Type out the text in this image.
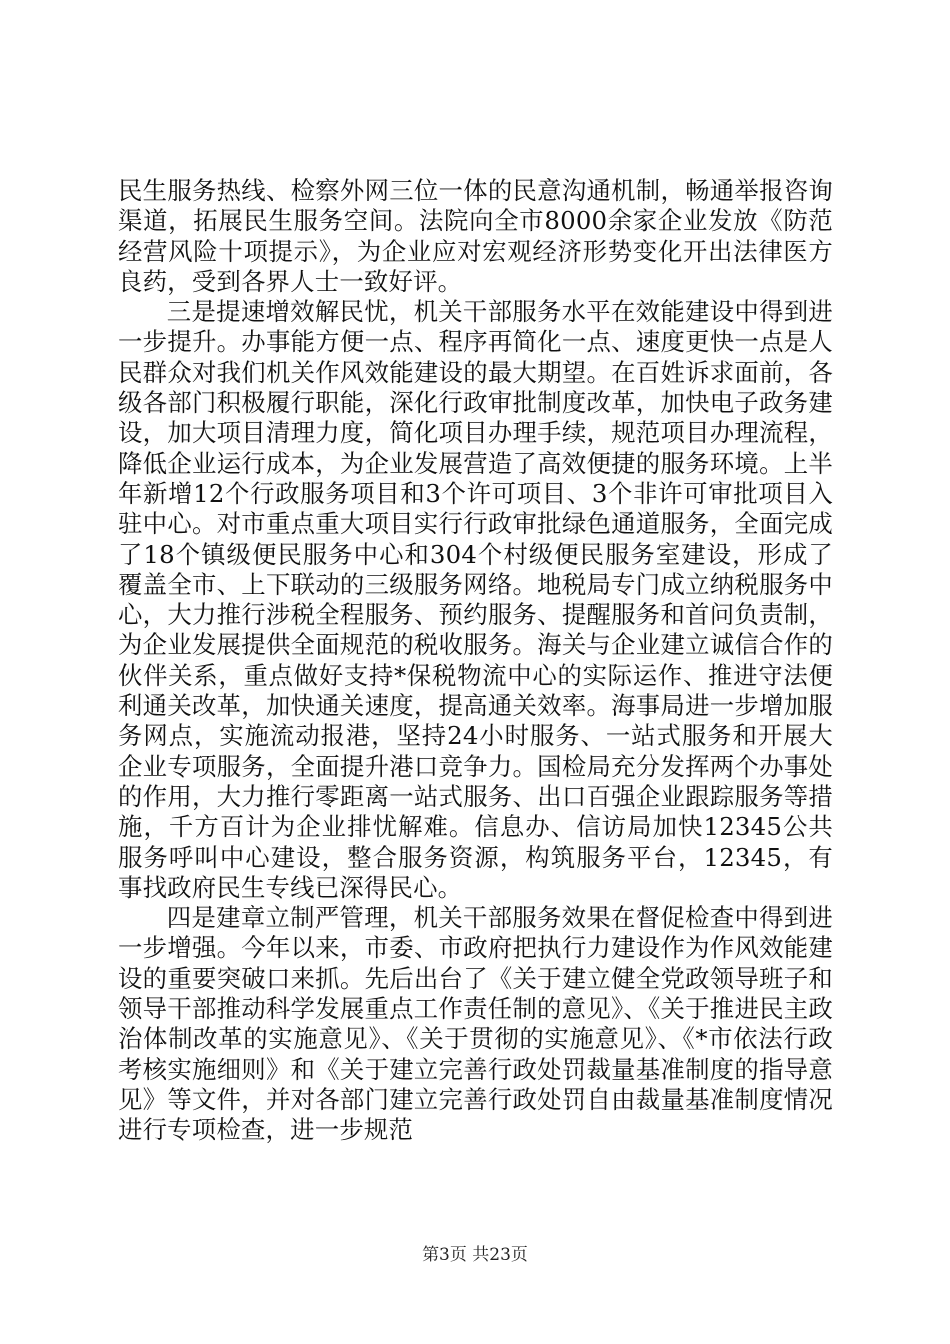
民生服务热线、检察外网三位一体的民意沟通机制，畅通举报咨询渠道，拓展民生服务空间。法院向全市8000余家企业发放《防范经营风险十项提示》，为企业应对宏观经济形势变化开出法律医方良药，受到各界人士一致好评。

三是提速增效解民忧，机关干部服务水平在效能建设中得到进一步提升。办事能方便一点、程序再简化一点、速度更快一点是人民群众对我们机关作风效能建设的最大期望。在百姓诉求面前，各级各部门积极履行职能，深化行政审批制度改革，加快电子政务建设，加大项目清理力度，简化项目办理手续，规范项目办理流程，降低企业运行成本，为企业发展营造了高效便捷的服务环境。上半年新增12个行政服务项目和3个许可项目、3个非许可审批项目入驻中心。对市重点重大项目实行行政审批绿色通道服务，全面完成了18个镇级便民服务中心和304个村级便民服务室建设，形成了覆盖全市、上下联动的三级服务网络。地税局专门成立纳税服务中心，大力推行涉税全程服务、预约服务、提醒服务和首问负责制，为企业发展提供全面规范的税收服务。海关与企业建立诚信合作的伙伴关系，重点做好支持*保税物流中心的实际运作、推进守法便利通关改革，加快通关速度，提高通关效率。海事局进一步增加服务网点，实施流动报港，坚持24小时服务、一站式服务和开展大企业专项服务，全面提升港口竞争力。国检局充分发挥两个办事处的作用，大力推行零距离一站式服务、出口百强企业跟踪服务等措施，千方百计为企业排忧解难。信息办、信访局加快12345公共服务呼叫中心建设，整合服务资源，构筑服务平台，12345，有事找政府民生专线已深得民心。

四是建章立制严管理，机关干部服务效果在督促检查中得到进一步增强。今年以来，市委、市政府把执行力建设作为作风效能建设的重要突破口来抓。先后出台了《关于建立健全党政领导班子和领导干部推动科学发展重点工作责任制的意见》、《关于推进民主政治体制改革的实施意见》、《关于贯彻的实施意见》、《*市依法行政考核实施细则》和《关于建立完善行政处罚裁量基准制度的指导意见》等文件，并对各部门建立完善行政处罚自由裁量基准制度情况进行专项检查，进一步规范

第3页 共23页
